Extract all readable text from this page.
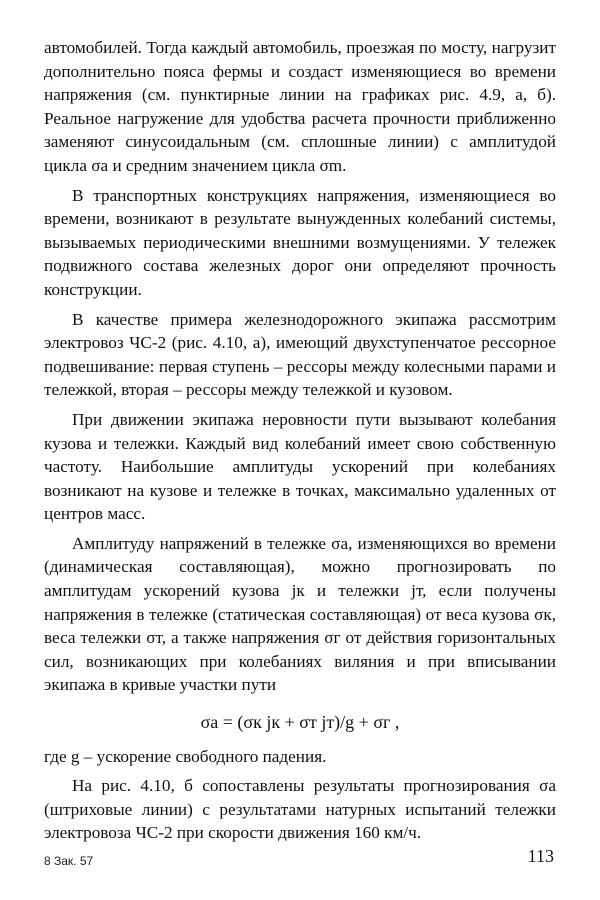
автомобилей. Тогда каждый автомобиль, проезжая по мосту, нагрузит дополнительно пояса фермы и создаст изменяющиеся во времени напряжения (см. пунктирные линии на графиках рис. 4.9, а, б). Реальное нагружение для удобства расчета прочности приближенно заменяют синусоидальным (см. сплошные линии) с амплитудой цикла σa и средним значением цикла σm.

В транспортных конструкциях напряжения, изменяющиеся во времени, возникают в результате вынужденных колебаний системы, вызываемых периодическими внешними возмущениями. У тележек подвижного состава железных дорог они определяют прочность конструкции.

В качестве примера железнодорожного экипажа рассмотрим электровоз ЧС-2 (рис. 4.10, а), имеющий двухступенчатое рессорное подвешивание: первая ступень – рессоры между колесными парами и тележкой, вторая – рессоры между тележкой и кузовом.

При движении экипажа неровности пути вызывают колебания кузова и тележки. Каждый вид колебаний имеет свою собственную частоту. Наибольшие амплитуды ускорений при колебаниях возникают на кузове и тележке в точках, максимально удаленных от центров масс.

Амплитуду напряжений в тележке σa, изменяющихся во времени (динамическая составляющая), можно прогнозировать по амплитудам ускорений кузова jк и тележки jт, если получены напряжения в тележке (статическая составляющая) от веса кузова σк, веса тележки σт, а также напряжения σг от действия горизонтальных сил, возникающих при колебаниях виляния и при вписывании экипажа в кривые участки пути

σa = (σк jк + σт jт)/g + σг ,

где g – ускорение свободного падения.

На рис. 4.10, б сопоставлены результаты прогнозирования σa (штриховые линии) с результатами натурных испытаний тележки электровоза ЧС-2 при скорости движения 160 км/ч.

8 Зак. 57	113
